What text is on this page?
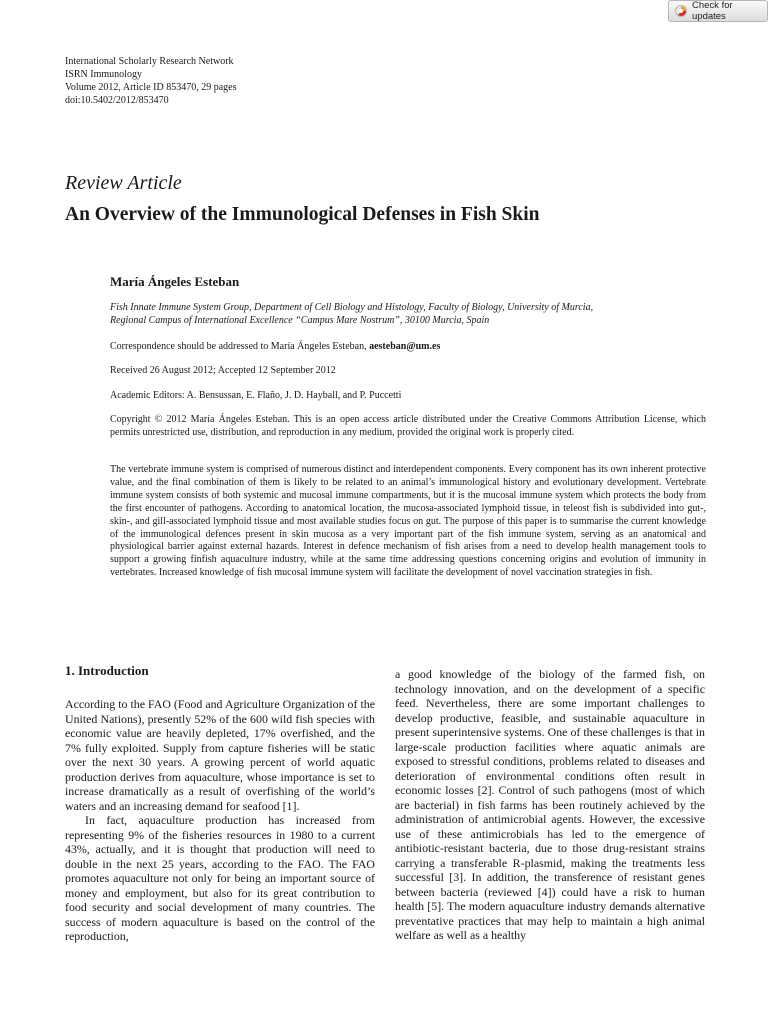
Check for updates
International Scholarly Research Network
ISRN Immunology
Volume 2012, Article ID 853470, 29 pages
doi:10.5402/2012/853470
Review Article
An Overview of the Immunological Defenses in Fish Skin
María Ángeles Esteban
Fish Innate Immune System Group, Department of Cell Biology and Histology, Faculty of Biology, University of Murcia,
Regional Campus of International Excellence “Campus Mare Nostrum”, 30100 Murcia, Spain
Correspondence should be addressed to María Ángeles Esteban, aesteban@um.es
Received 26 August 2012; Accepted 12 September 2012
Academic Editors: A. Bensussan, E. Flaño, J. D. Hayball, and P. Puccetti
Copyright © 2012 María Ángeles Esteban. This is an open access article distributed under the Creative Commons Attribution License, which permits unrestricted use, distribution, and reproduction in any medium, provided the original work is properly cited.
The vertebrate immune system is comprised of numerous distinct and interdependent components. Every component has its own inherent protective value, and the final combination of them is likely to be related to an animal’s immunological history and evolutionary development. Vertebrate immune system consists of both systemic and mucosal immune compartments, but it is the mucosal immune system which protects the body from the first encounter of pathogens. According to anatomical location, the mucosa-associated lymphoid tissue, in teleost fish is subdivided into gut-, skin-, and gill-associated lymphoid tissue and most available studies focus on gut. The purpose of this paper is to summarise the current knowledge of the immunological defences present in skin mucosa as a very important part of the fish immune system, serving as an anatomical and physiological barrier against external hazards. Interest in defence mechanism of fish arises from a need to develop health management tools to support a growing finfish aquaculture industry, while at the same time addressing questions concerning origins and evolution of immunity in vertebrates. Increased knowledge of fish mucosal immune system will facilitate the development of novel vaccination strategies in fish.
1. Introduction

According to the FAO (Food and Agriculture Organization of the United Nations), presently 52% of the 600 wild fish species with economic value are heavily depleted, 17% overfished, and the 7% fully exploited. Supply from capture fisheries will be static over the next 30 years. A growing percent of world aquatic production derives from aquaculture, whose importance is set to increase dramatically as a result of overfishing of the world’s waters and an increasing demand for seafood [1].

In fact, aquaculture production has increased from representing 9% of the fisheries resources in 1980 to a current 43%, actually, and it is thought that production will need to double in the next 25 years, according to the FAO. The FAO promotes aquaculture not only for being an important source of money and employment, but also for its great contribution to food security and social development of many countries. The success of modern aquaculture is based on the control of the reproduction,

a good knowledge of the biology of the farmed fish, on technology innovation, and on the development of a specific feed. Nevertheless, there are some important challenges to develop productive, feasible, and sustainable aquaculture in present superintensive systems. One of these challenges is that in large-scale production facilities where aquatic animals are exposed to stressful conditions, problems related to diseases and deterioration of environmental conditions often result in economic losses [2]. Control of such pathogens (most of which are bacterial) in fish farms has been routinely achieved by the administration of antimicrobial agents. However, the excessive use of these antimicrobials has led to the emergence of antibiotic-resistant bacteria, due to those drug-resistant strains carrying a transferable R-plasmid, making the treatments less successful [3]. In addition, the transference of resistant genes between bacteria (reviewed [4]) could have a risk to human health [5]. The modern aquaculture industry demands alternative preventative practices that may help to maintain a high animal welfare as well as a healthy
